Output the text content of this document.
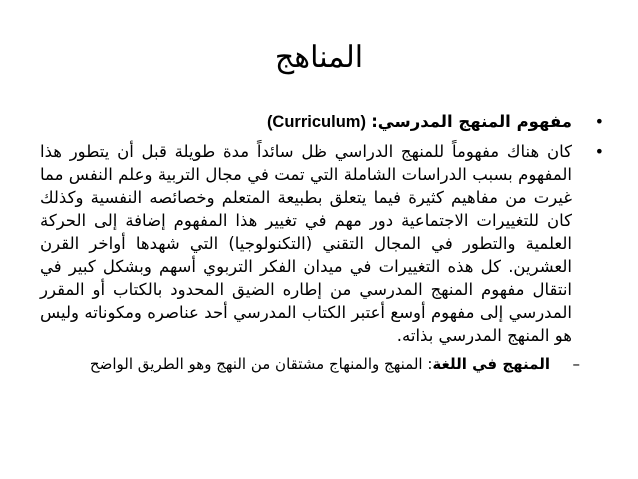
المناهج
•
مفهوم المنهج المدرسي: (Curriculum)
•
كان هناك مفهوماً للمنهج الدراسي ظل سائداً مدة طويلة قبل أن يتطور هذا المفهوم بسبب الدراسات الشاملة التي تمت في مجال التربية وعلم النفس مما غيرت من مفاهيم كثيرة فيما يتعلق بطبيعة المتعلم وخصائصه النفسية وكذلك كان للتغييرات الاجتماعية دور مهم في تغيير هذا المفهوم إضافة إلى الحركة العلمية والتطور في المجال التقني (التكنولوجيا) التي شهدها أواخر القرن العشرين. كل هذه التغييرات في ميدان الفكر التربوي أسهم وبشكل كبير في انتقال مفهوم المنهج المدرسي من إطاره الضيق المحدود بالكتاب أو المقرر المدرسي إلى مفهوم أوسع أعتبر الكتاب المدرسي أحد عناصره ومكوناته وليس هو المنهج المدرسي بذاته.
–
المنهج في اللغة: المنهج والمنهاج مشتقان من النهج وهو الطريق الواضح
